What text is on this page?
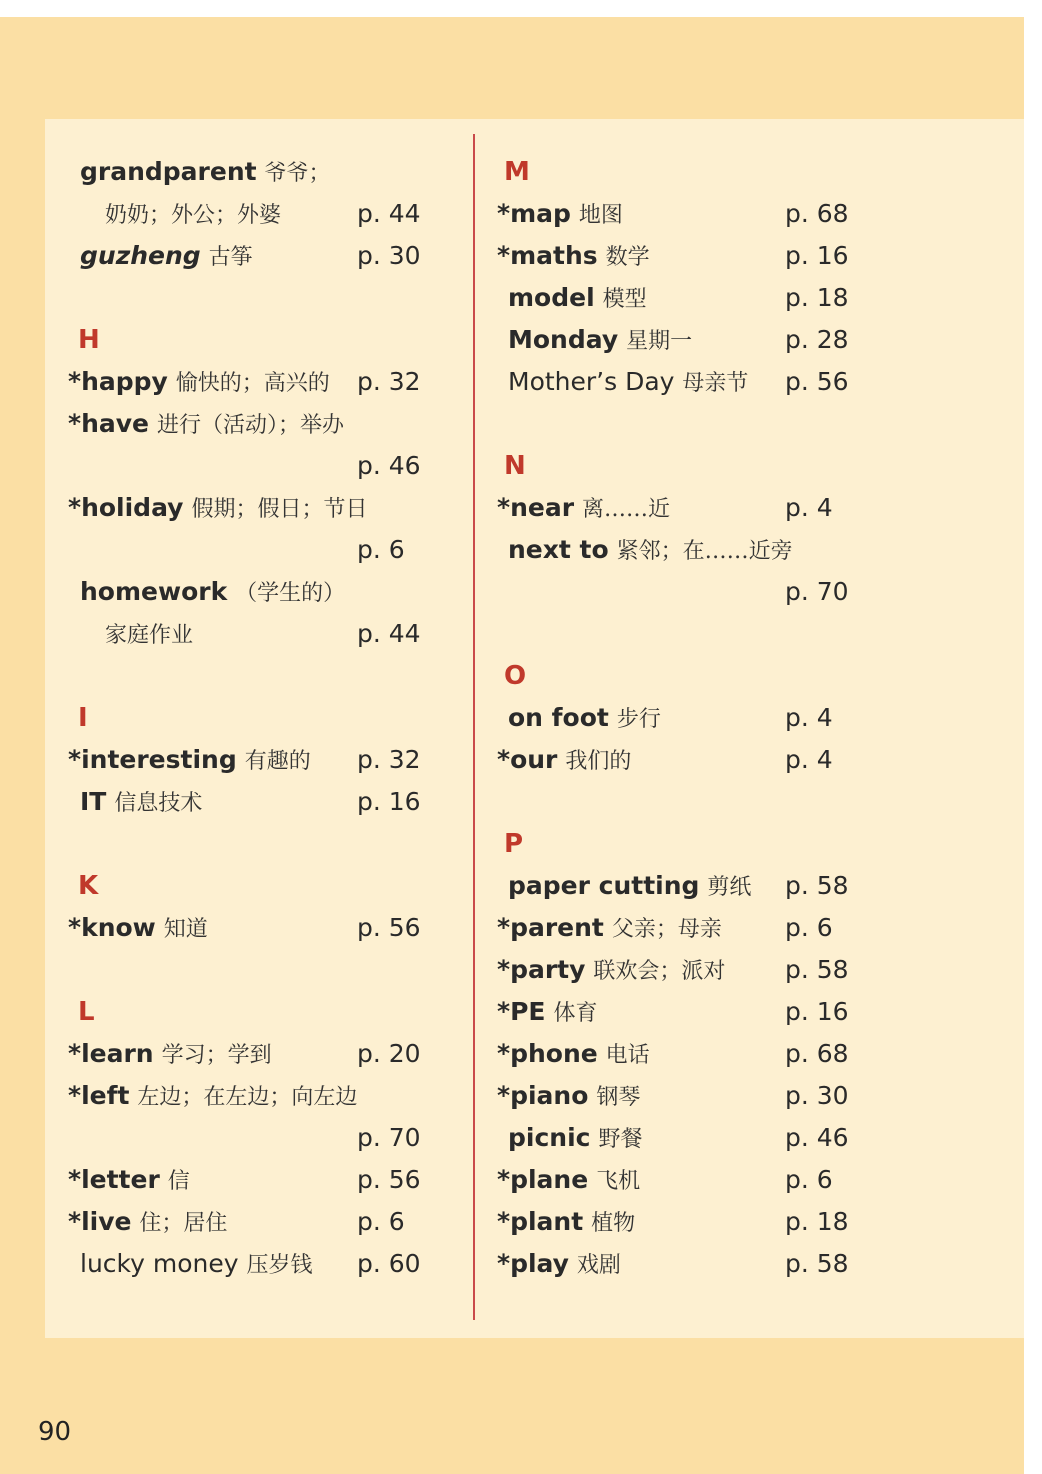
grandparent 爷爷；
奶奶；外公；外婆	p. 44
guzheng 古筝	p. 30
H
*happy 愉快的；高兴的 p. 32
*have 进行（活动）；举办
p. 46
*holiday 假期；假日；节日
p. 6
homework （学生的）
家庭作业	p. 44
I
*interesting 有趣的 p. 32
IT 信息技术	p. 16
K
*know 知道	p. 56
L
*learn 学习；学到	p. 20
*left 左边；在左边；向左边
p. 70
*letter 信	p. 56
*live 住；居住	p. 6
lucky money 压岁钱 p. 60
M
*map 地图	p. 68
*maths 数学	p. 16
model 模型	p. 18
Monday 星期一	p. 28
Mother’s Day 母亲节 p. 56
N
*near 离……近	p. 4
next to 紧邻；在……近旁
p. 70
O
on foot 步行	p. 4
*our 我们的	p. 4
P
paper cutting 剪纸 p. 58
*parent 父亲；母亲	p. 6
*party 联欢会；派对 p. 58
*PE 体育	p. 16
*phone 电话	p. 68
*piano 钢琴	p. 30
picnic 野餐	p. 46
*plane 飞机	p. 6
*plant 植物	p. 18
*play 戏剧	p. 58
90
